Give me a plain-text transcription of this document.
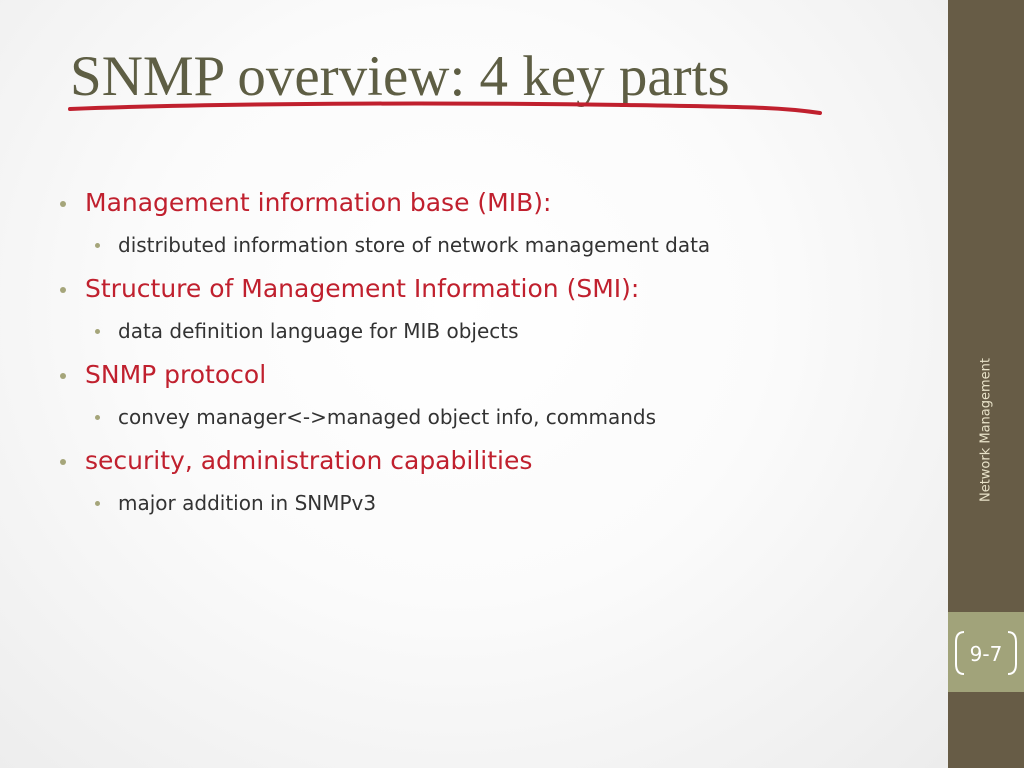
SNMP overview: 4 key parts
Management information base (MIB):
distributed information store of network management data
Structure of Management Information (SMI):
data definition language for MIB objects
SNMP protocol
convey manager<->managed object info, commands
security, administration capabilities
major addition in SNMPv3
Network Management
9-7
